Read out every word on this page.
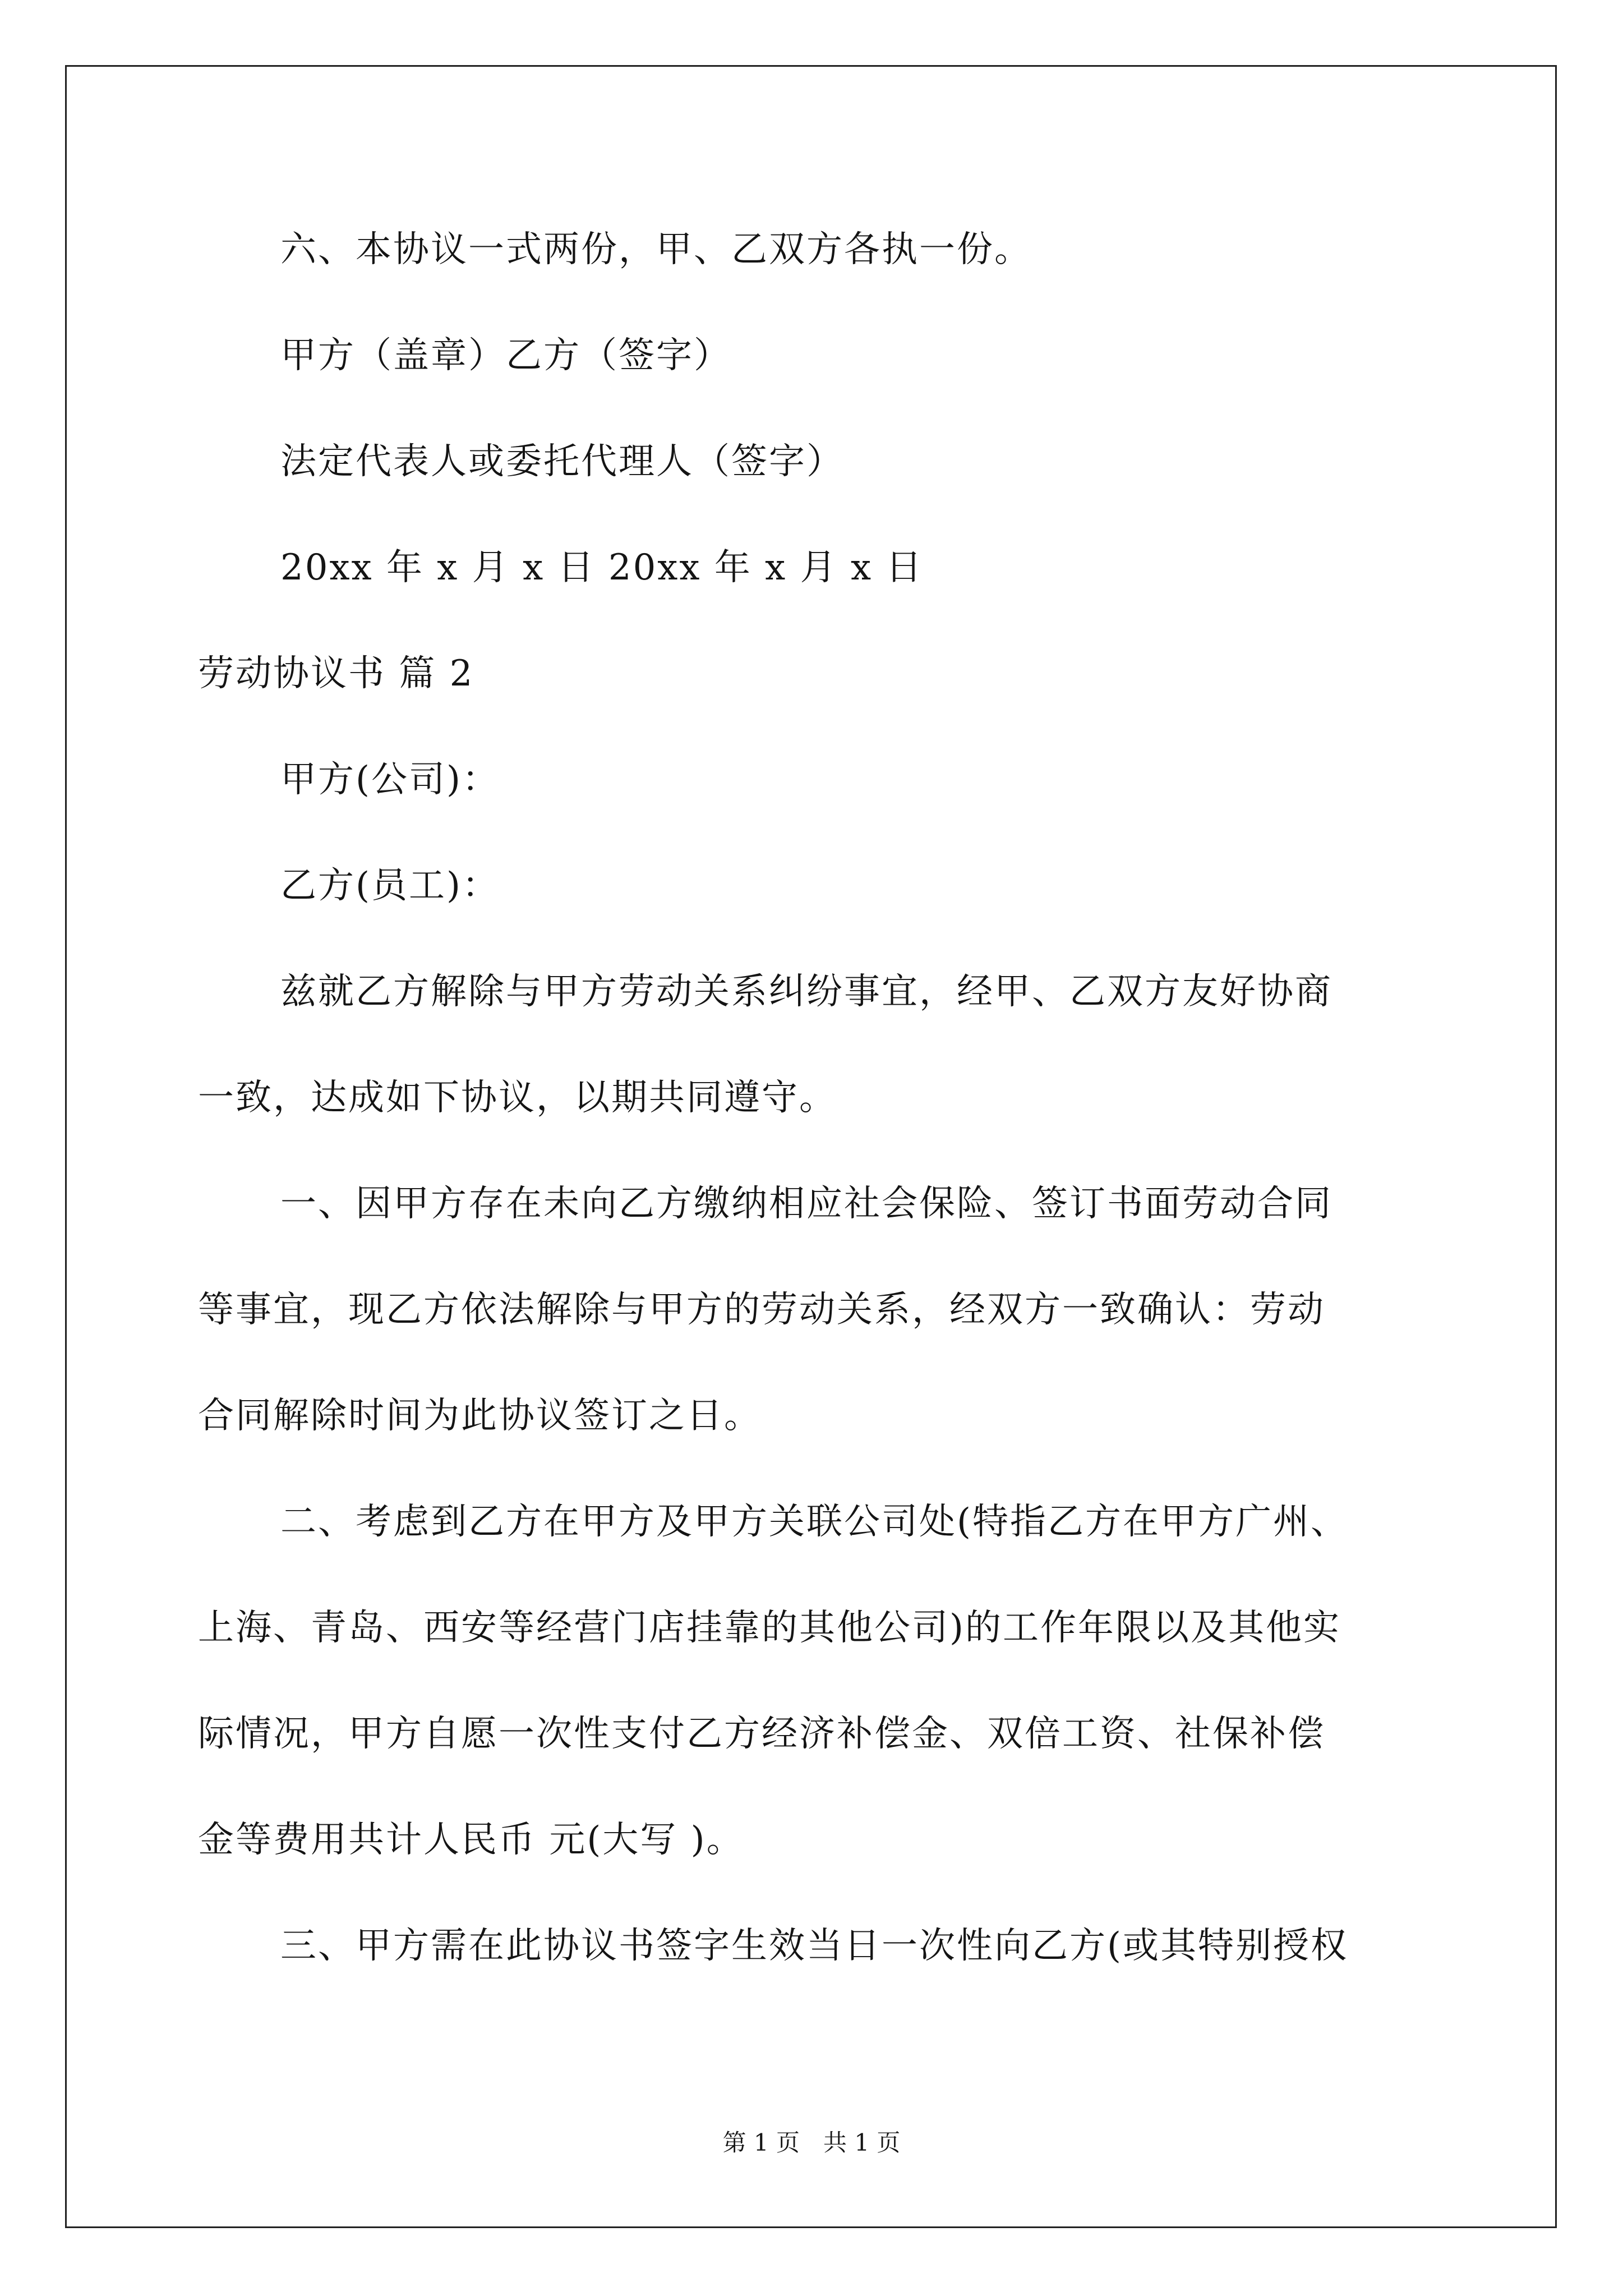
六、本协议一式两份，甲、乙双方各执一份。
甲方（盖章）乙方（签字）
法定代表人或委托代理人（签字）
20xx 年 x 月 x 日 20xx 年 x 月 x 日
劳动协议书 篇 2
甲方(公司)：
乙方(员工)：
兹就乙方解除与甲方劳动关系纠纷事宜，经甲、乙双方友好协商
一致，达成如下协议，以期共同遵守。
一、因甲方存在未向乙方缴纳相应社会保险、签订书面劳动合同
等事宜，现乙方依法解除与甲方的劳动关系，经双方一致确认：劳动
合同解除时间为此协议签订之日。
二、考虑到乙方在甲方及甲方关联公司处(特指乙方在甲方广州、
上海、青岛、西安等经营门店挂靠的其他公司)的工作年限以及其他实
际情况，甲方自愿一次性支付乙方经济补偿金、双倍工资、社保补偿
金等费用共计人民币 元(大写 )。
三、甲方需在此协议书签字生效当日一次性向乙方(或其特别授权
第 1 页　共 1 页
